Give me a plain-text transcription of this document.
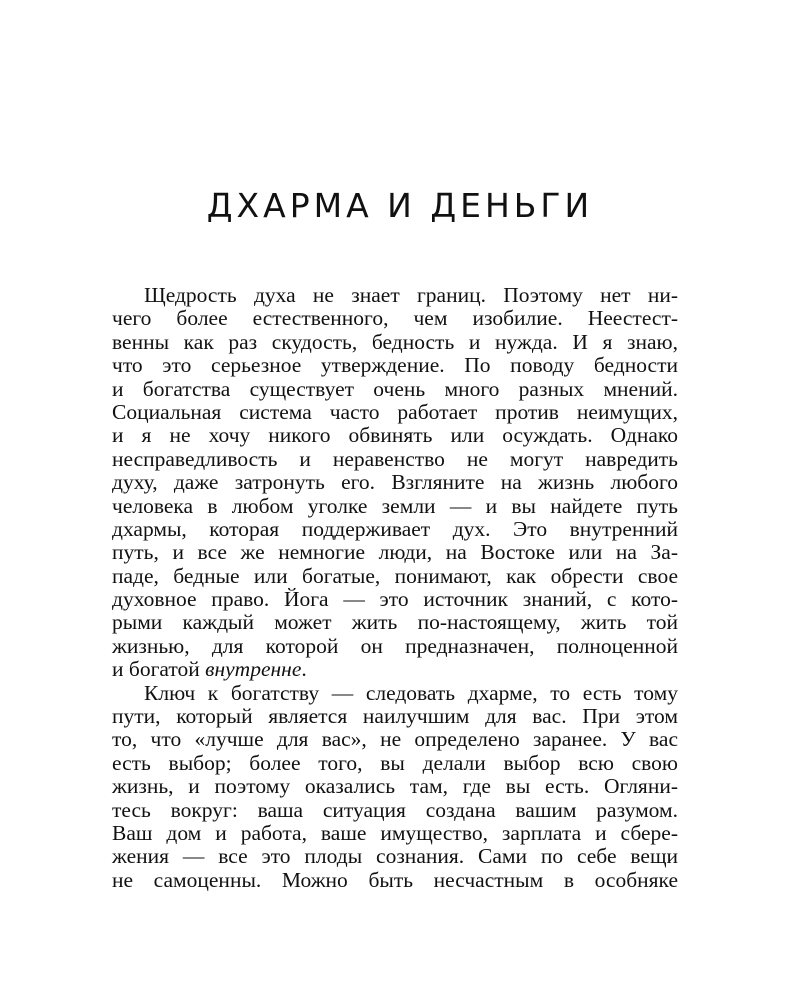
ДХАРМА И ДЕНЬГИ
Щедрость духа не знает границ. Поэтому нет ни-
чего более естественного, чем изобилие. Неестест-
венны как раз скудость, бедность и нужда. И я знаю,
что это серьезное утверждение. По поводу бедности
и богатства существует очень много разных мнений.
Социальная система часто работает против неимущих,
и я не хочу никого обвинять или осуждать. Однако
несправедливость и неравенство не могут навредить
духу, даже затронуть его. Взгляните на жизнь любого
человека в любом уголке земли — и вы найдете путь
дхармы, которая поддерживает дух. Это внутренний
путь, и все же немногие люди, на Востоке или на За-
паде, бедные или богатые, понимают, как обрести свое
духовное право. Йога — это источник знаний, с кото-
рыми каждый может жить по-настоящему, жить той
жизнью, для которой он предназначен, полноценной
и богатой внутренне.
Ключ к богатству — следовать дхарме, то есть тому
пути, который является наилучшим для вас. При этом
то, что «лучше для вас», не определено заранее. У вас
есть выбор; более того, вы делали выбор всю свою
жизнь, и поэтому оказались там, где вы есть. Огляни-
тесь вокруг: ваша ситуация создана вашим разумом.
Ваш дом и работа, ваше имущество, зарплата и сбере-
жения — все это плоды сознания. Сами по себе вещи
не самоценны. Можно быть несчастным в особняке
